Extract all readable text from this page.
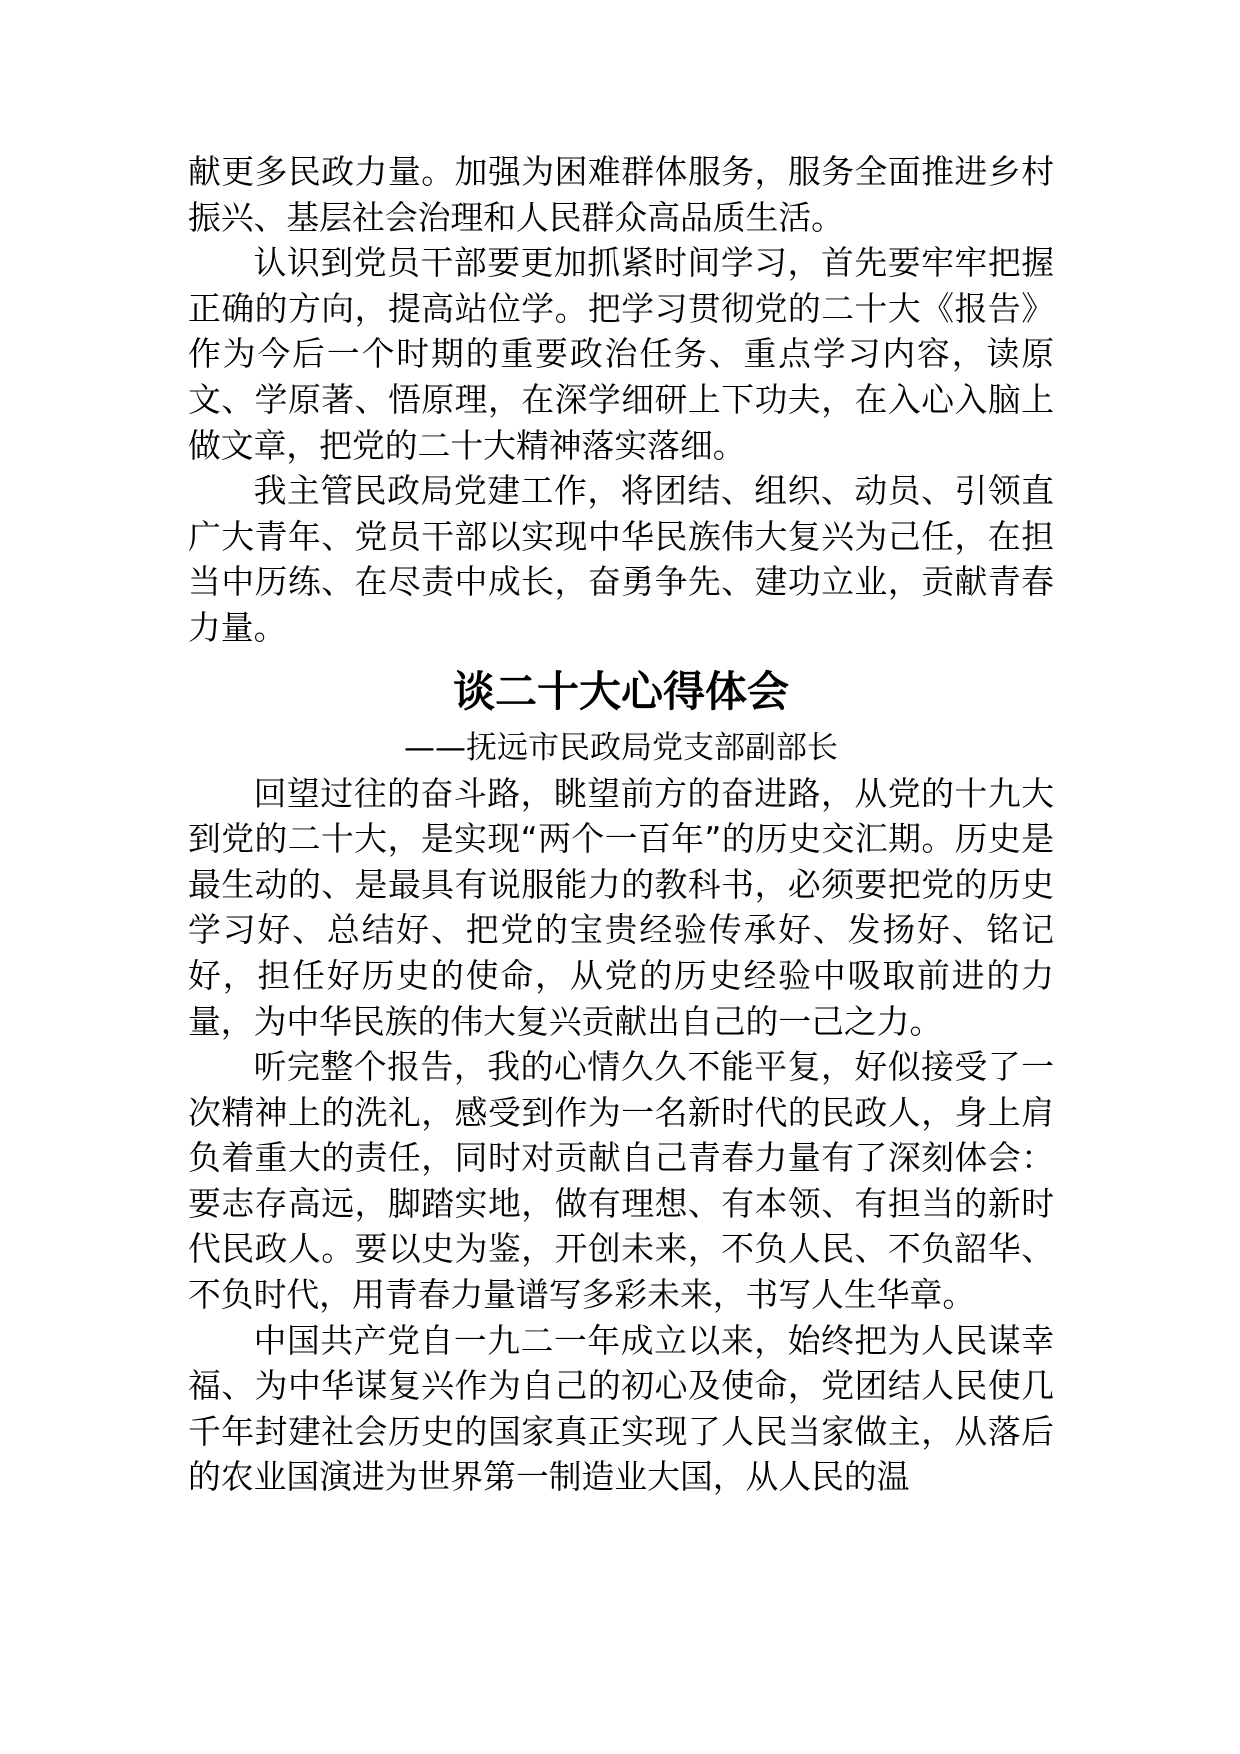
献更多民政力量。加强为困难群体服务，服务全面推进乡村振兴、基层社会治理和人民群众高品质生活。

认识到党员干部要更加抓紧时间学习，首先要牢牢把握正确的方向，提高站位学。把学习贯彻党的二十大《报告》作为今后一个时期的重要政治任务、重点学习内容，读原文、学原著、悟原理，在深学细研上下功夫，在入心入脑上做文章，把党的二十大精神落实落细。

我主管民政局党建工作，将团结、组织、动员、引领直广大青年、党员干部以实现中华民族伟大复兴为己任，在担当中历练、在尽责中成长，奋勇争先、建功立业，贡献青春力量。

谈二十大心得体会
——抚远市民政局党支部副部长

回望过往的奋斗路，眺望前方的奋进路，从党的十九大到党的二十大，是实现“两个一百年”的历史交汇期。历史是最生动的、是最具有说服能力的教科书，必须要把党的历史学习好、总结好、把党的宝贵经验传承好、发扬好、铭记好，担任好历史的使命，从党的历史经验中吸取前进的力量，为中华民族的伟大复兴贡献出自己的一己之力。

听完整个报告，我的心情久久不能平复，好似接受了一次精神上的洗礼，感受到作为一名新时代的民政人，身上肩负着重大的责任，同时对贡献自己青春力量有了深刻体会：要志存高远，脚踏实地，做有理想、有本领、有担当的新时代民政人。要以史为鉴，开创未来，不负人民、不负韶华、不负时代，用青春力量谱写多彩未来，书写人生华章。

中国共产党自一九二一年成立以来，始终把为人民谋幸福、为中华谋复兴作为自己的初心及使命，党团结人民使几千年封建社会历史的国家真正实现了人民当家做主，从落后的农业国演进为世界第一制造业大国，从人民的温
